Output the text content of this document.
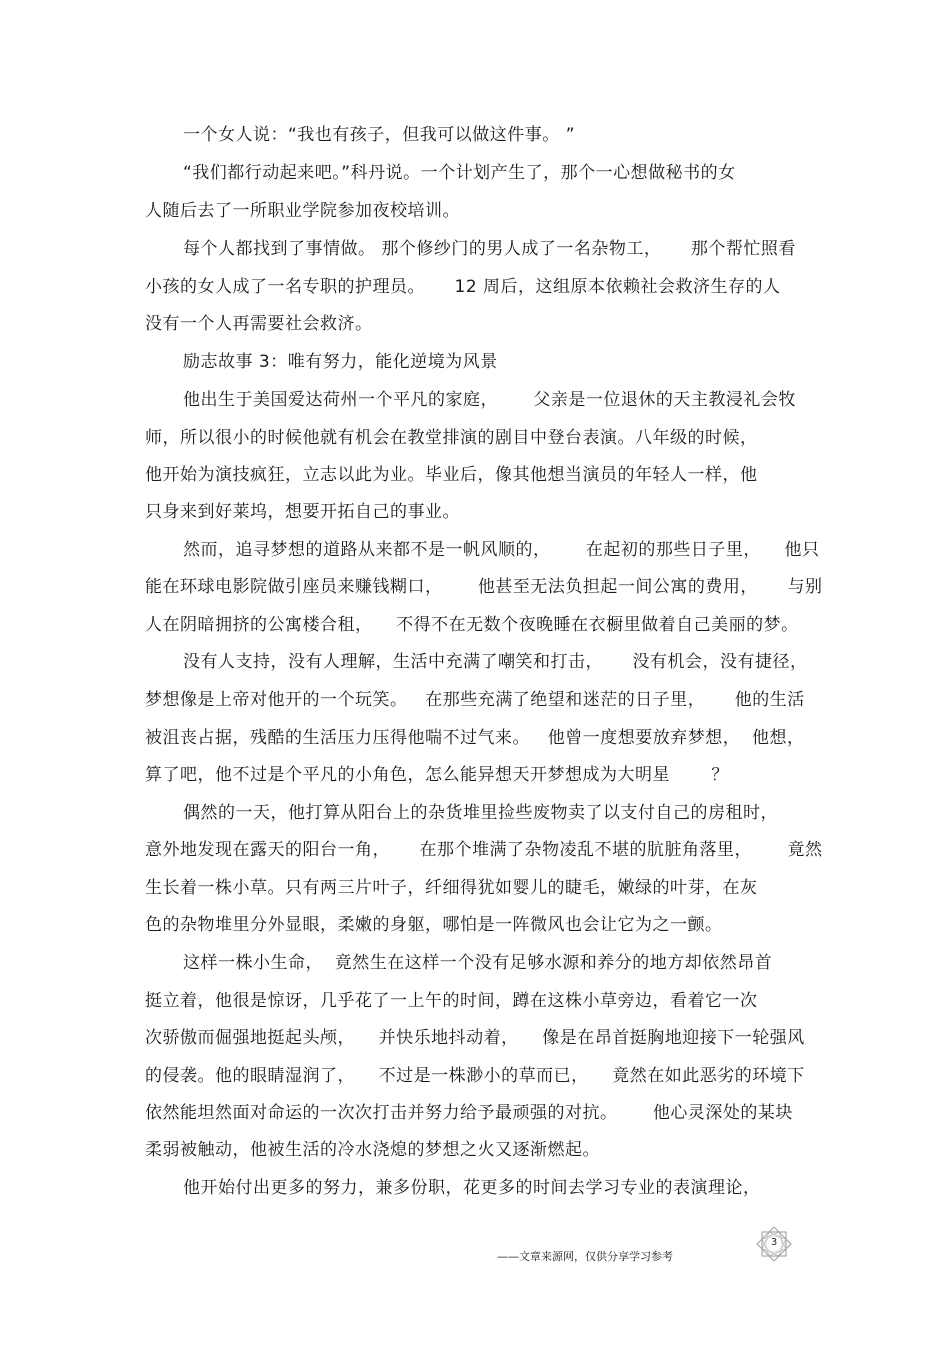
一个女人说：“我也有孩子，但我可以做这件事。 ”
“我们都行动起来吧。”科丹说。一个计划产生了，那个一心想做秘书的女
人随后去了一所职业学院参加夜校培训。
每个人都找到了事情做。 那个修纱门的男人成了一名杂物工，     那个帮忙照看
小孩的女人成了一名专职的护理员。     12 周后，这组原本依赖社会救济生存的人
没有一个人再需要社会救济。
励志故事 3：唯有努力，能化逆境为风景
他出生于美国爱达荷州一个平凡的家庭，      父亲是一位退休的天主教浸礼会牧
师，所以很小的时候他就有机会在教堂排演的剧目中登台表演。八年级的时候，
他开始为演技疯狂，立志以此为业。毕业后，像其他想当演员的年轻人一样，他
只身来到好莱坞，想要开拓自己的事业。
然而，追寻梦想的道路从来都不是一帆风顺的，      在起初的那些日子里，    他只
能在环球电影院做引座员来赚钱糊口，      他甚至无法负担起一间公寓的费用，     与别
人在阴暗拥挤的公寓楼合租，    不得不在无数个夜晚睡在衣橱里做着自己美丽的梦。
没有人支持，没有人理解，生活中充满了嘲笑和打击，     没有机会，没有捷径，
梦想像是上帝对他开的一个玩笑。   在那些充满了绝望和迷茫的日子里，     他的生活
被沮丧占据，残酷的生活压力压得他喘不过气来。   他曾一度想要放弃梦想，  他想，
算了吧，他不过是个平凡的小角色，怎么能异想天开梦想成为大明星       ？
偶然的一天，他打算从阳台上的杂货堆里捡些废物卖了以支付自己的房租时，
意外地发现在露天的阳台一角，     在那个堆满了杂物凌乱不堪的肮脏角落里，      竟然
生长着一株小草。只有两三片叶子，纤细得犹如婴儿的睫毛，嫩绿的叶芽，在灰
色的杂物堆里分外显眼，柔嫩的身躯，哪怕是一阵微风也会让它为之一颤。
这样一株小生命，  竟然生在这样一个没有足够水源和养分的地方却依然昂首
挺立着，他很是惊讶，几乎花了一上午的时间，蹲在这株小草旁边，看着它一次
次骄傲而倔强地挺起头颅，    并快乐地抖动着，    像是在昂首挺胸地迎接下一轮强风
的侵袭。他的眼睛湿润了，    不过是一株渺小的草而已，    竟然在如此恶劣的环境下
依然能坦然面对命运的一次次打击并努力给予最顽强的对抗。      他心灵深处的某块
柔弱被触动，他被生活的冷水浇熄的梦想之火又逐渐燃起。
他开始付出更多的努力，兼多份职，花更多的时间去学习专业的表演理论，
——文章来源网，仅供分享学习参考
3
